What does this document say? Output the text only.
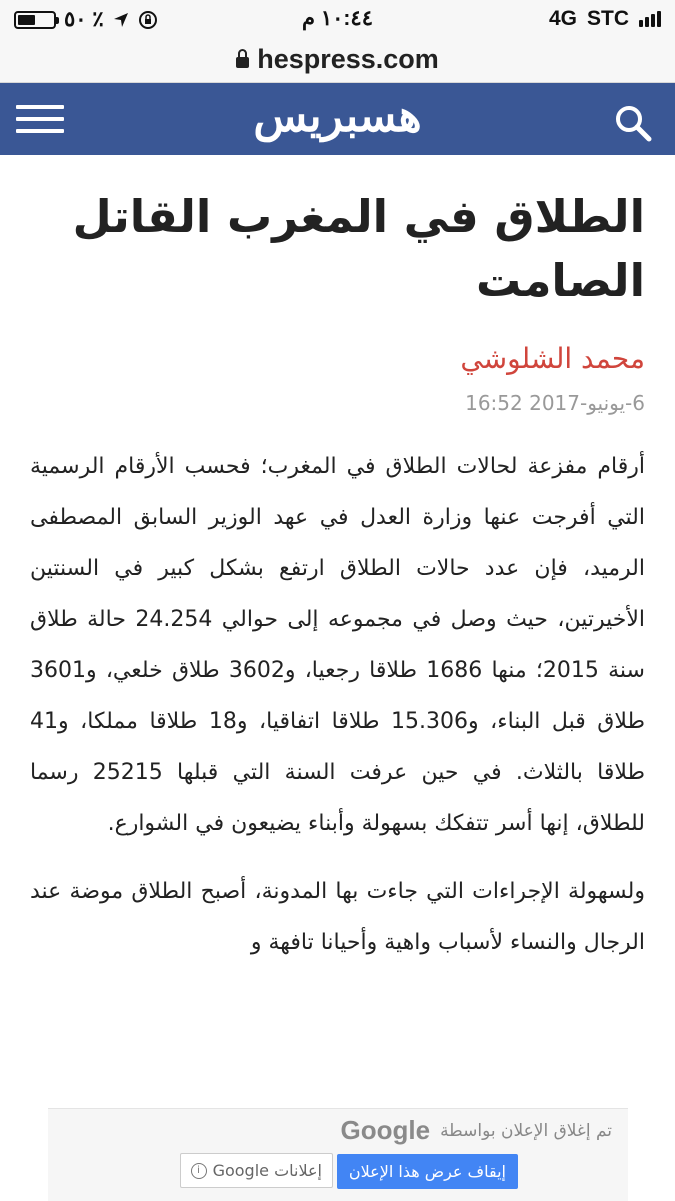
٥٠ ٪	١٠:٤٤ م	4G STC
hespress.com
هسبريس
الطلاق في المغرب القاتل الصامت
محمد الشلوشي
6-يونيو-2017 16:52

أرقام مفزعة لحالات الطلاق في المغرب؛ فحسب الأرقام الرسمية التي أفرجت عنها وزارة العدل في عهد الوزير السابق المصطفى الرميد، فإن عدد حالات الطلاق ارتفع بشكل كبير في السنتين الأخيرتين، حيث وصل في مجموعه إلى حوالي 24.254 حالة طلاق سنة 2015؛ منها 1686 طلاقا رجعيا، و3602 طلاق خلعي، و3601 طلاق قبل البناء، و15.306 طلاقا اتفاقيا، و18 طلاقا مملكا، و41 طلاقا بالثلاث. في حين عرفت السنة التي قبلها 25215 رسما للطلاق، إنها أسر تتفكك بسهولة وأبناء يضيعون في الشوارع.

ولسهولة الإجراءات التي جاءت بها المدونة، أصبح الطلاق موضة عند الرجال والنساء لأسباب واهية وأحيانا تافهة و

تم إغلاق الإعلان بواسطة
Google
إيقاف عرض هذا الإعلان
إعلانات Google
i
